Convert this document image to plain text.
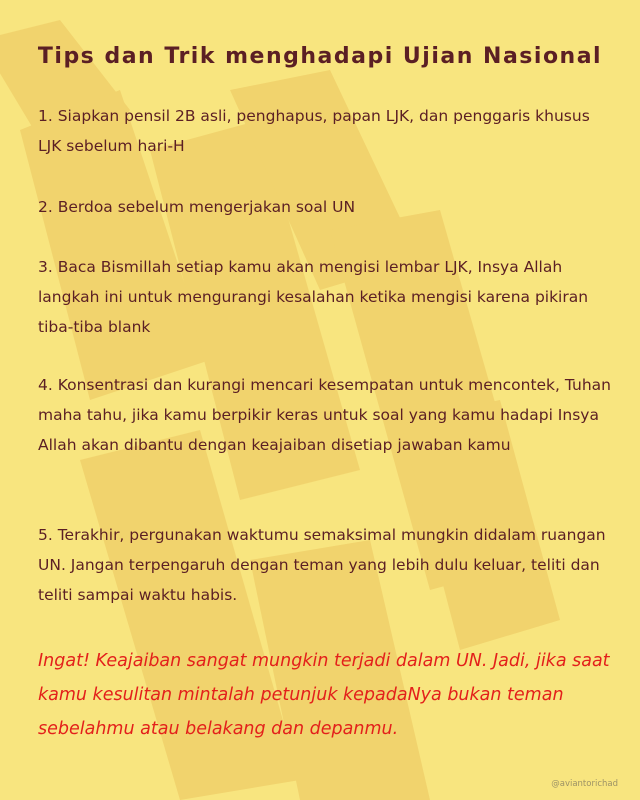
Tips dan Trik menghadapi Ujian Nasional

1. Siapkan pensil 2B asli, penghapus, papan LJK, dan penggaris khusus LJK sebelum hari-H

2. Berdoa sebelum mengerjakan soal UN

3. Baca Bismillah setiap kamu akan mengisi lembar LJK, Insya Allah langkah ini untuk mengurangi kesalahan ketika mengisi karena pikiran tiba-tiba blank

4. Konsentrasi dan kurangi mencari kesempatan untuk mencontek, Tuhan maha tahu, jika kamu berpikir keras untuk soal yang kamu hadapi Insya Allah akan dibantu dengan keajaiban disetiap jawaban kamu

5. Terakhir, pergunakan waktumu semaksimal mungkin didalam ruangan UN. Jangan terpengaruh dengan teman yang lebih dulu keluar, teliti dan teliti sampai waktu habis.

Ingat! Keajaiban sangat mungkin terjadi dalam UN. Jadi, jika saat kamu kesulitan mintalah petunjuk kepadaNya bukan teman sebelahmu atau belakang dan depanmu.

@aviantorichad
